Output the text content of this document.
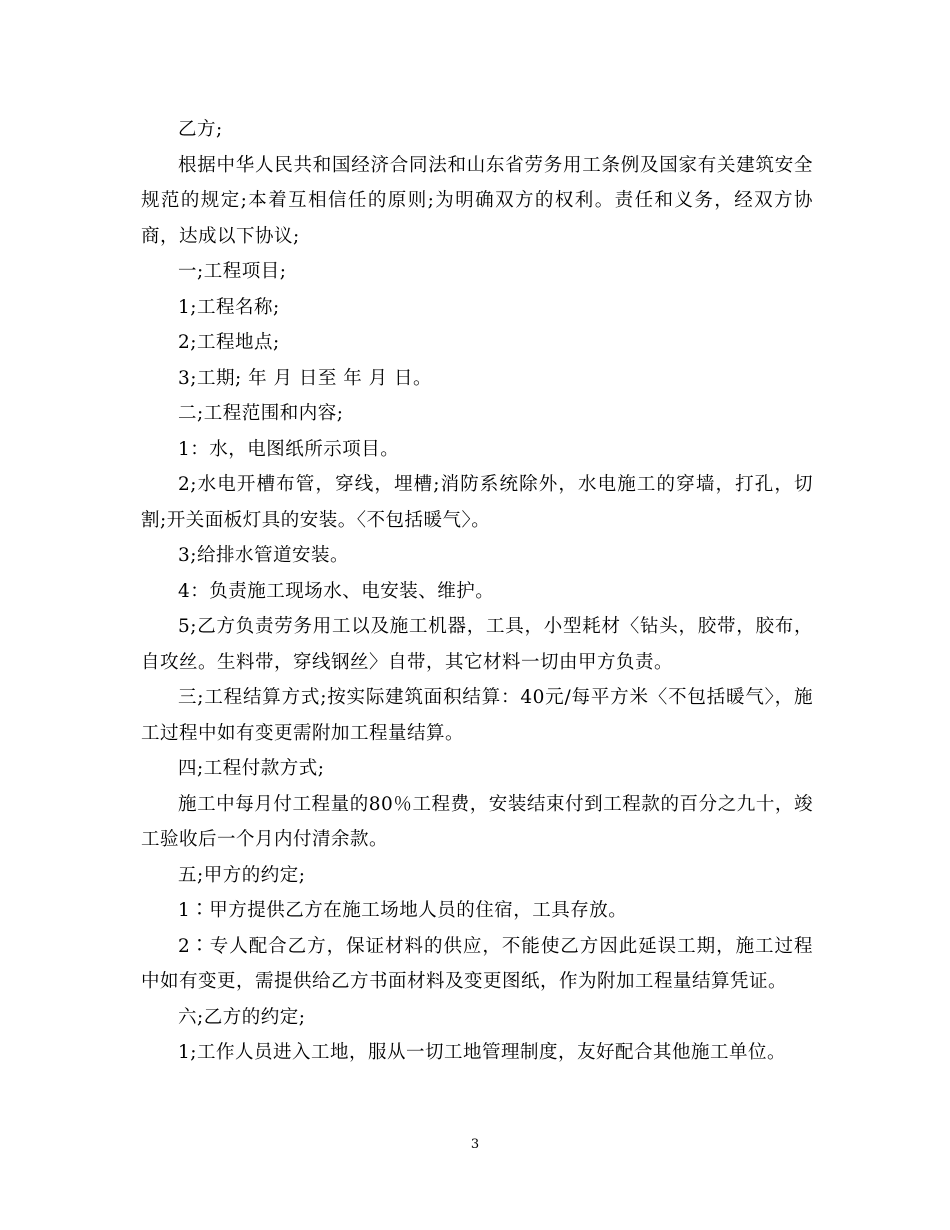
乙方;

根据中华人民共和国经济合同法和山东省劳务用工条例及国家有关建筑安全规范的规定;本着互相信任的原则;为明确双方的权利。责任和义务，经双方协商，达成以下协议;

一;工程项目;

1;工程名称;

2;工程地点;

3;工期; 年 月 日至 年 月 日。

二;工程范围和内容;

1：水，电图纸所示项目。

2;水电开槽布管，穿线，埋槽;消防系统除外，水电施工的穿墙，打孔，切割;开关面板灯具的安装。〈不包括暖气〉。

3;给排水管道安装。

4：负责施工现场水、电安装、维护。

5;乙方负责劳务用工以及施工机器，工具，小型耗材〈钻头，胶带，胶布，自攻丝。生料带，穿线钢丝〉自带，其它材料一切由甲方负责。

三;工程结算方式;按实际建筑面积结算：40元/每平方米〈不包括暖气〉，施工过程中如有变更需附加工程量结算。

四;工程付款方式;

施工中每月付工程量的80％工程费，安装结束付到工程款的百分之九十，竣工验收后一个月内付清余款。

五;甲方的约定;

1∶甲方提供乙方在施工场地人员的住宿，工具存放。

2∶专人配合乙方，保证材料的供应，不能使乙方因此延误工期，施工过程中如有变更，需提供给乙方书面材料及变更图纸，作为附加工程量结算凭证。

六;乙方的约定;

1;工作人员进入工地，服从一切工地管理制度，友好配合其他施工单位。

3
